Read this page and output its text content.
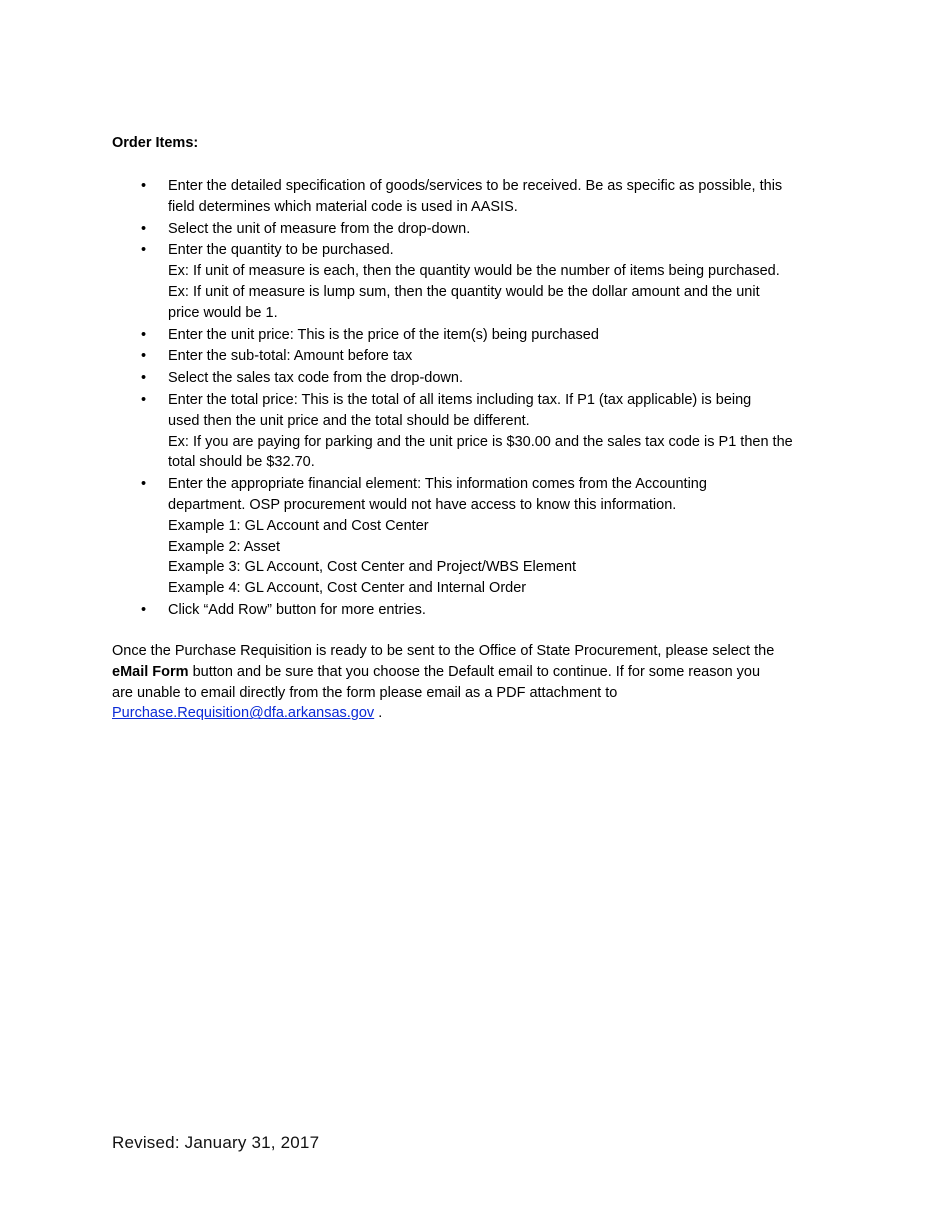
Order Items:
• Enter the detailed specification of goods/services to be received. Be as specific as possible, this
field determines which material code is used in AASIS.
• Select the unit of measure from the drop-down.
• Enter the quantity to be purchased.
Ex: If unit of measure is each, then the quantity would be the number of items being purchased.
Ex: If unit of measure is lump sum, then the quantity would be the dollar amount and the unit
price would be 1.
• Enter the unit price: This is the price of the item(s) being purchased
• Enter the sub-total: Amount before tax
• Select the sales tax code from the drop-down.
• Enter the total price: This is the total of all items including tax. If P1 (tax applicable) is being
used then the unit price and the total should be different.
Ex: If you are paying for parking and the unit price is $30.00 and the sales tax code is P1 then the
total should be $32.70.
• Enter the appropriate financial element: This information comes from the Accounting
department. OSP procurement would not have access to know this information.
Example 1: GL Account and Cost Center
Example 2: Asset
Example 3: GL Account, Cost Center and Project/WBS Element
Example 4: GL Account, Cost Center and Internal Order
• Click “Add Row” button for more entries.
Once the Purchase Requisition is ready to be sent to the Office of State Procurement, please select the
eMail Form button and be sure that you choose the Default email to continue. If for some reason you
are unable to email directly from the form please email as a PDF attachment to
Purchase.Requisition@dfa.arkansas.gov .
Revised: January 31, 2017
